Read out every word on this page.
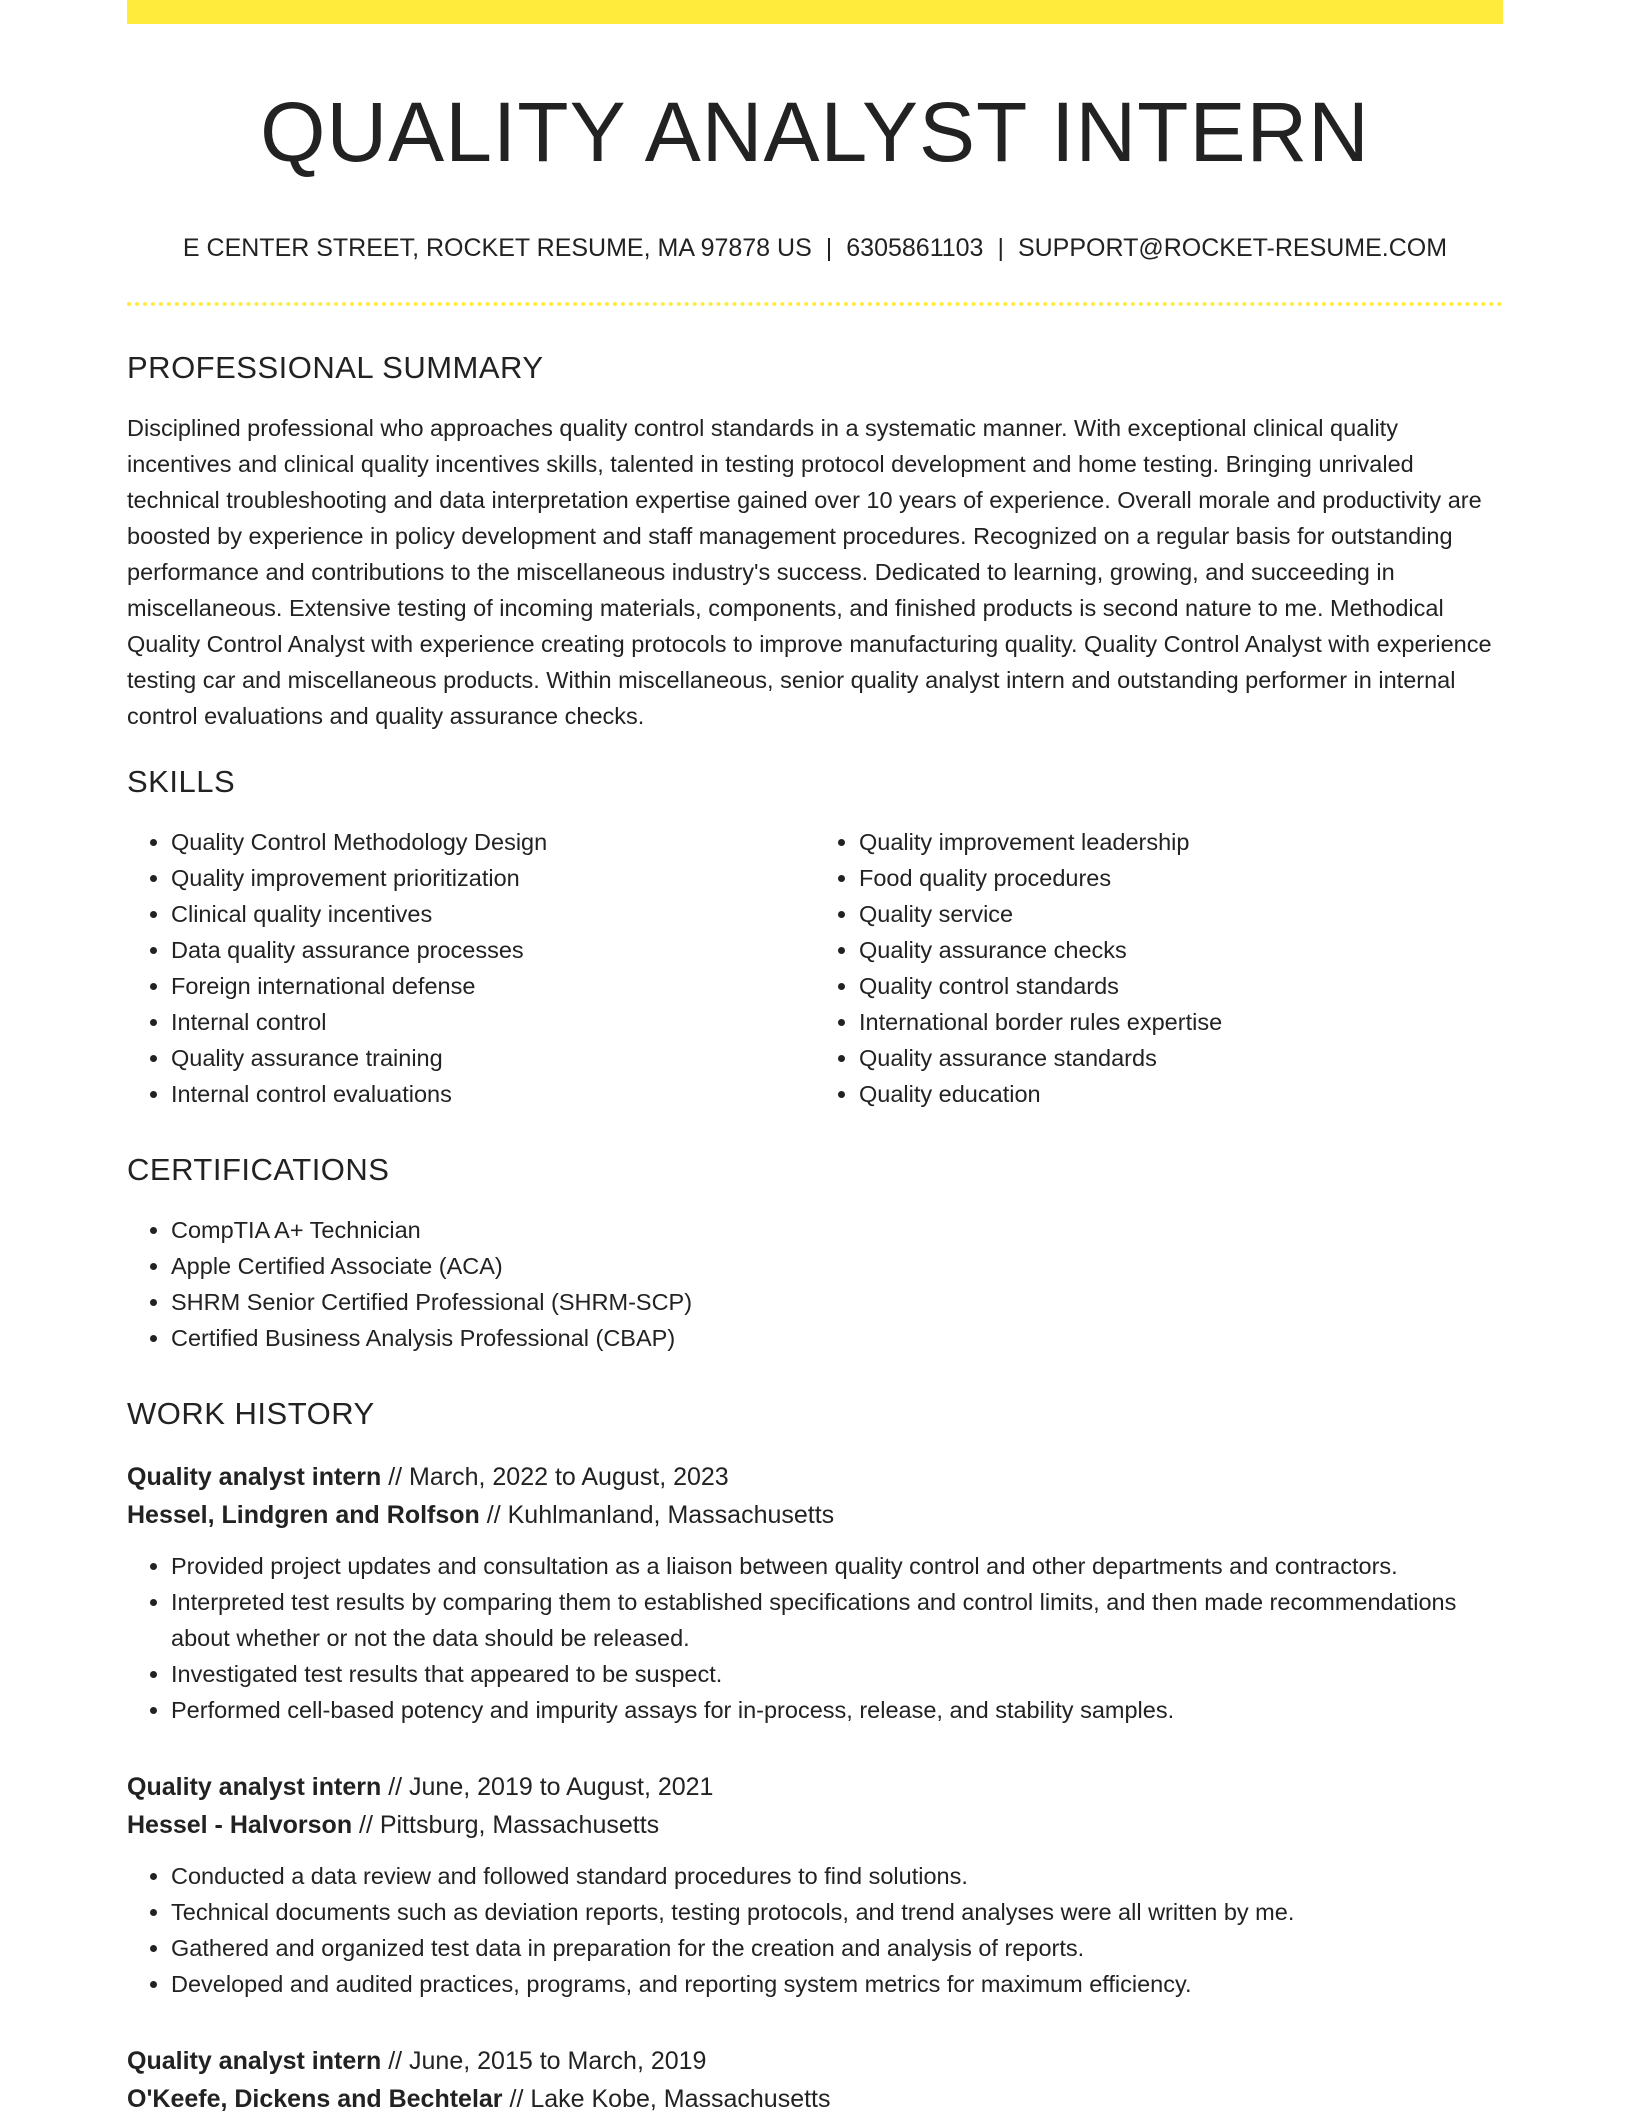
QUALITY ANALYST INTERN
E CENTER STREET, ROCKET RESUME, MA 97878 US | 6305861103 | SUPPORT@ROCKET-RESUME.COM
PROFESSIONAL SUMMARY

Disciplined professional who approaches quality control standards in a systematic manner. With exceptional clinical quality incentives and clinical quality incentives skills, talented in testing protocol development and home testing. Bringing unrivaled technical troubleshooting and data interpretation expertise gained over 10 years of experience. Overall morale and productivity are boosted by experience in policy development and staff management procedures. Recognized on a regular basis for outstanding performance and contributions to the miscellaneous industry's success. Dedicated to learning, growing, and succeeding in miscellaneous. Extensive testing of incoming materials, components, and finished products is second nature to me. Methodical Quality Control Analyst with experience creating protocols to improve manufacturing quality. Quality Control Analyst with experience testing car and miscellaneous products. Within miscellaneous, senior quality analyst intern and outstanding performer in internal control evaluations and quality assurance checks.

SKILLS
• Quality Control Methodology Design
• Quality improvement prioritization
• Clinical quality incentives
• Data quality assurance processes
• Foreign international defense
• Internal control
• Quality assurance training
• Internal control evaluations
• Quality improvement leadership
• Food quality procedures
• Quality service
• Quality assurance checks
• Quality control standards
• International border rules expertise
• Quality assurance standards
• Quality education
CERTIFICATIONS
• CompTIA A+ Technician
• Apple Certified Associate (ACA)
• SHRM Senior Certified Professional (SHRM-SCP)
• Certified Business Analysis Professional (CBAP)
WORK HISTORY
Quality analyst intern // March, 2022 to August, 2023
Hessel, Lindgren and Rolfson // Kuhlmanland, Massachusetts
• Provided project updates and consultation as a liaison between quality control and other departments and contractors.
• Interpreted test results by comparing them to established specifications and control limits, and then made recommendations about whether or not the data should be released.
• Investigated test results that appeared to be suspect.
• Performed cell-based potency and impurity assays for in-process, release, and stability samples.
Quality analyst intern // June, 2019 to August, 2021
Hessel - Halvorson // Pittsburg, Massachusetts
• Conducted a data review and followed standard procedures to find solutions.
• Technical documents such as deviation reports, testing protocols, and trend analyses were all written by me.
• Gathered and organized test data in preparation for the creation and analysis of reports.
• Developed and audited practices, programs, and reporting system metrics for maximum efficiency.
Quality analyst intern // June, 2015 to March, 2019
O'Keefe, Dickens and Bechtelar // Lake Kobe, Massachusetts
